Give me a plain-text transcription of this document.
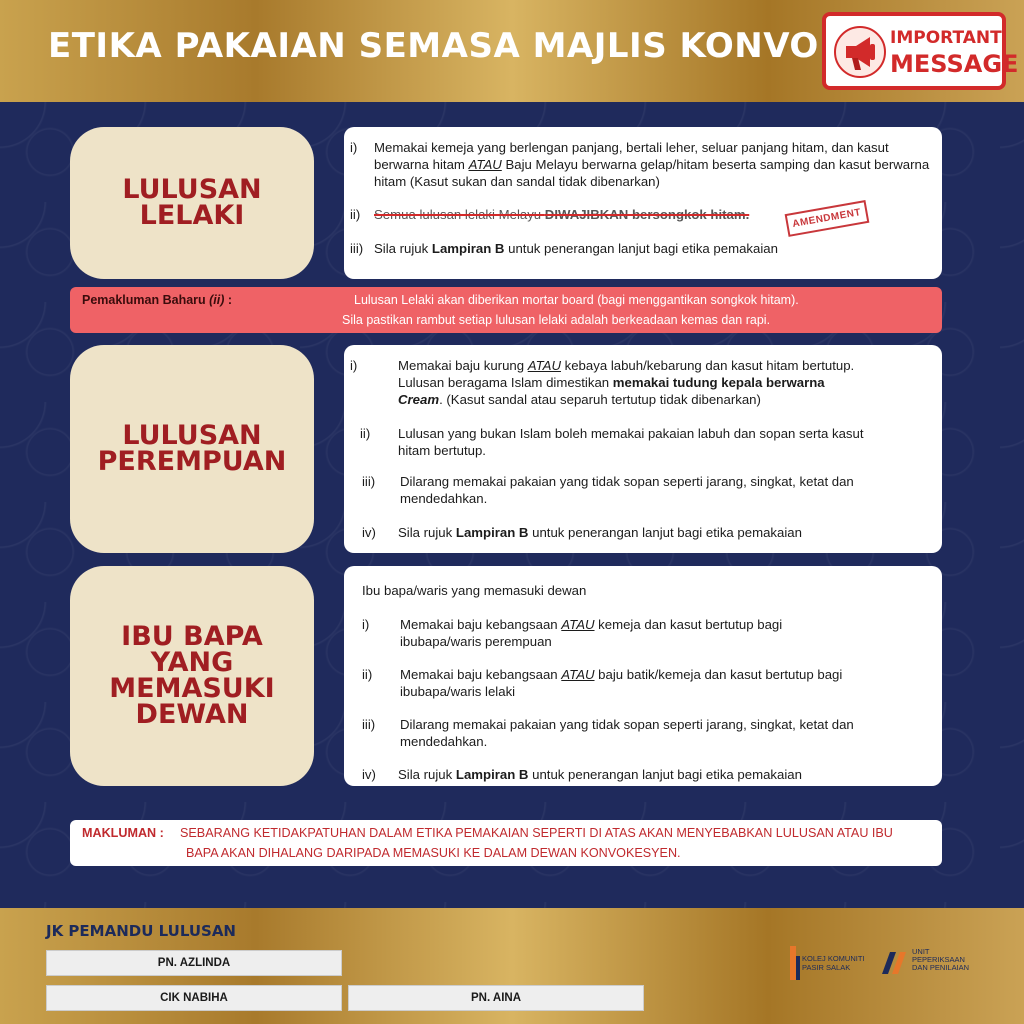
ETIKA PAKAIAN SEMASA MAJLIS KONVO	IMPORTANT
MESSAGE
LULUSAN
LELAKI
i)	Memakai kemeja yang berlengan panjang, bertali leher, seluar panjang hitam, dan kasut berwarna hitam ATAU Baju Melayu berwarna gelap/hitam beserta samping dan kasut berwarna hitam (Kasut sukan dan sandal tidak dibenarkan)
ii)	Semua lulusan lelaki Melayu DIWAJIBKAN bersongkok hitam.	AMENDMENT
iii) Sila rujuk Lampiran B untuk penerangan lanjut bagi etika pemakaian
Pemakluman Baharu (ii) :	Lulusan Lelaki akan diberikan mortar board (bagi menggantikan songkok hitam).
Sila pastikan rambut setiap lulusan lelaki adalah berkeadaan kemas dan rapi.
LULUSAN
PEREMPUAN
i)	Memakai baju kurung ATAU kebaya labuh/kebarung dan kasut hitam bertutup. Lulusan beragama Islam dimestikan memakai tudung kepala berwarna Cream. (Kasut sandal atau separuh tertutup tidak dibenarkan)
ii)	Lulusan yang bukan Islam boleh memakai pakaian labuh dan sopan serta kasut hitam bertutup.
iii)	Dilarang memakai pakaian yang tidak sopan seperti jarang, singkat, ketat dan mendedahkan.
iv)	Sila rujuk Lampiran B untuk penerangan lanjut bagi etika pemakaian
IBU BAPA
YANG
MEMASUKI
DEWAN
Ibu bapa/waris yang memasuki dewan
i)	Memakai baju kebangsaan ATAU kemeja dan kasut bertutup bagi ibubapa/waris perempuan
ii)	Memakai baju kebangsaan ATAU baju batik/kemeja dan kasut bertutup bagi ibubapa/waris lelaki
iii)	Dilarang memakai pakaian yang tidak sopan seperti jarang, singkat, ketat dan mendedahkan.
iv)	Sila rujuk Lampiran B untuk penerangan lanjut bagi etika pemakaian
MAKLUMAN : SEBARANG KETIDAKPATUHAN DALAM ETIKA PEMAKAIAN SEPERTI DI ATAS AKAN MENYEBABKAN LULUSAN ATAU IBU
BAPA AKAN DIHALANG DARIPADA MEMASUKI KE DALAM DEWAN KONVOKESYEN.
JK PEMANDU LULUSAN
PN. AZLINDA
CIK NABIHA	PN. AINA
KOLEJ KOMUNITI
PASIR SALAK
UNIT
PEPERIKSAAN
DAN PENILAIAN
